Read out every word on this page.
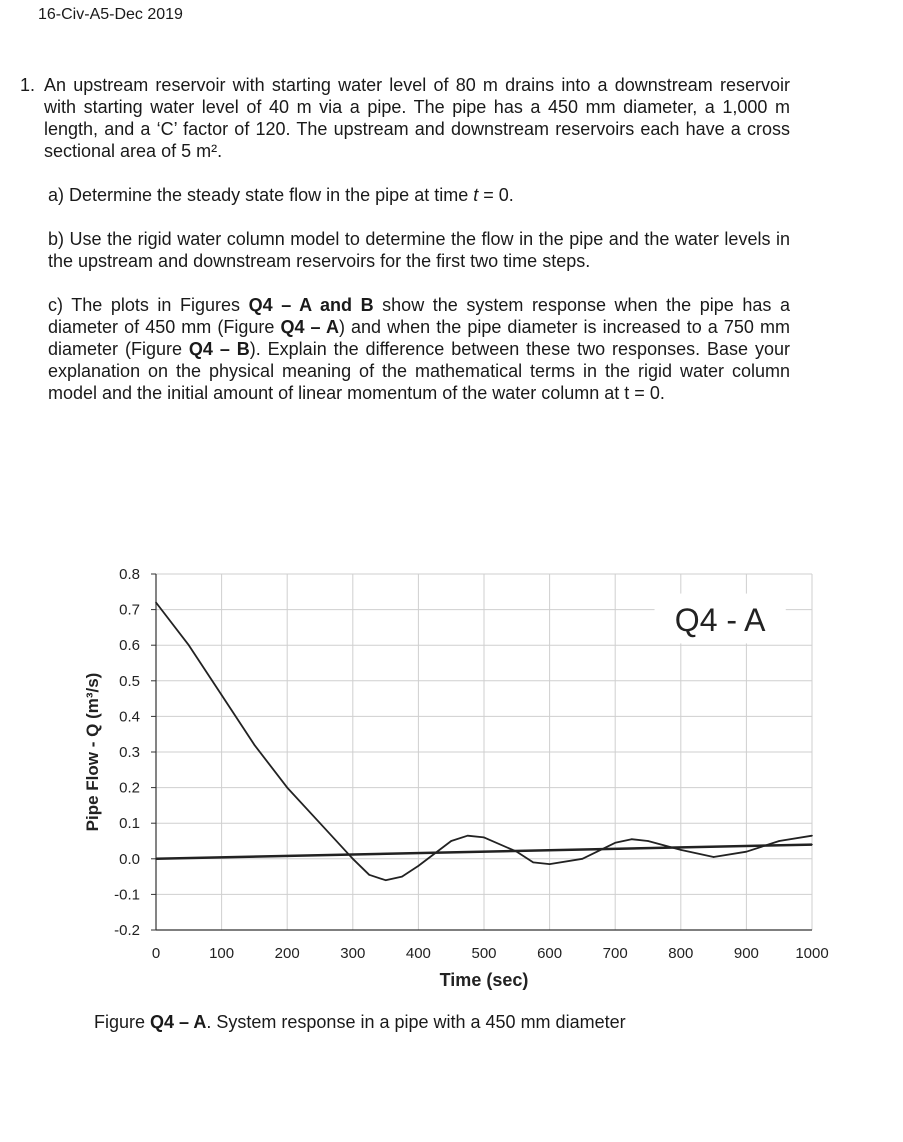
16-Civ-A5-Dec 2019
1. An upstream reservoir with starting water level of 80 m drains into a downstream reservoir with starting water level of 40 m via a pipe. The pipe has a 450 mm diameter, a 1,000 m length, and a ‘C’ factor of 120. The upstream and downstream reservoirs each have a cross sectional area of 5 m².

a) Determine the steady state flow in the pipe at time t = 0.

b) Use the rigid water column model to determine the flow in the pipe and the water levels in the upstream and downstream reservoirs for the first two time steps.

c) The plots in Figures Q4 – A and B show the system response when the pipe has a diameter of 450 mm (Figure Q4 – A) and when the pipe diameter is increased to a 750 mm diameter (Figure Q4 – B). Explain the difference between these two responses. Base your explanation on the physical meaning of the mathematical terms in the rigid water column model and the initial amount of linear momentum of the water column at t = 0.

0.8
0.7
0.6
0.5
0.4
0.3
0.2
0.1
0.0
-0.1
-0.2
0	100	200	300	400	500	600	700	800	900 1000
Time (sec)
Pipe Flow - Q (m³/s)
Q4 - A
Figure Q4 – A. System response in a pipe with a 450 mm diameter
